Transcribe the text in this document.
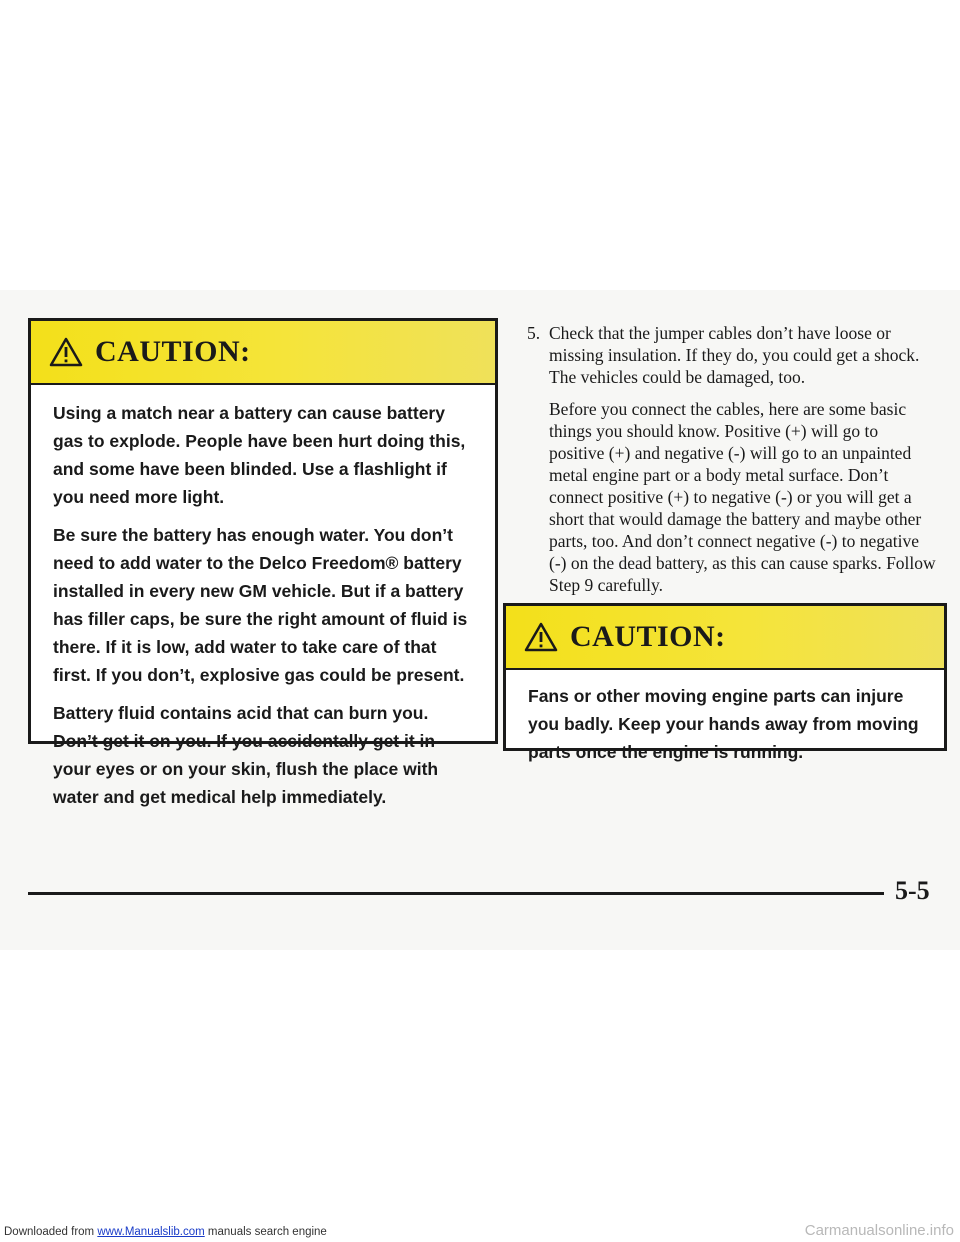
CAUTION:

Using a match near a battery can cause battery gas to explode. People have been hurt doing this, and some have been blinded. Use a flashlight if you need more light.

Be sure the battery has enough water. You don’t need to add water to the Delco Freedom® battery installed in every new GM vehicle. But if a battery has filler caps, be sure the right amount of fluid is there. If it is low, add water to take care of that first. If you don’t, explosive gas could be present.

Battery fluid contains acid that can burn you. Don’t get it on you. If you accidentally get it in your eyes or on your skin, flush the place with water and get medical help immediately.

5. Check that the jumper cables don’t have loose or missing insulation. If they do, you could get a shock. The vehicles could be damaged, too.

Before you connect the cables, here are some basic things you should know. Positive (+) will go to positive (+) and negative (-) will go to an unpainted metal engine part or a body metal surface. Don’t connect positive (+) to negative (-) or you will get a short that would damage the battery and maybe other parts, too. And don’t connect negative (-) to negative (-) on the dead battery, as this can cause sparks. Follow Step 9 carefully.

CAUTION:

Fans or other moving engine parts can injure you badly. Keep your hands away from moving parts once the engine is running.

5-5
Downloaded from www.Manualslib.com manuals search engine	Carmanualsonline.info
